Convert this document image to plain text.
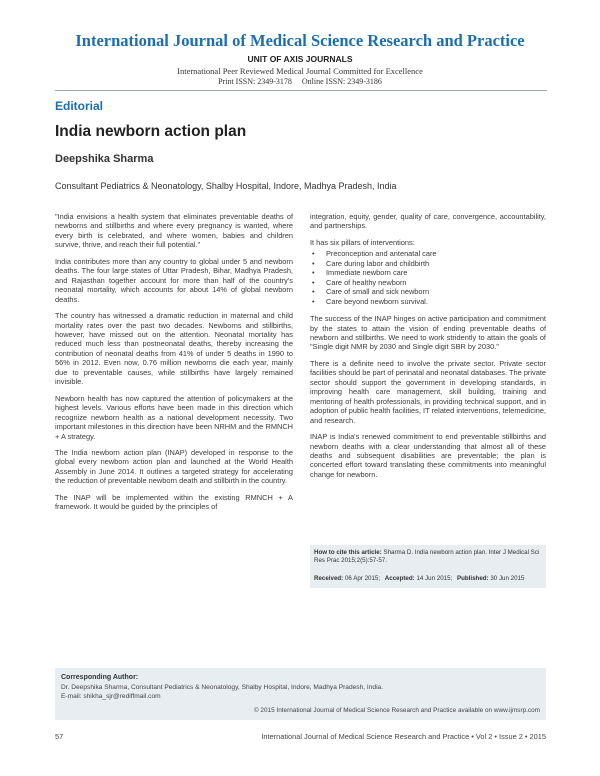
International Journal of Medical Science Research and Practice
UNIT OF AXIS JOURNALS
International Peer Reviewed Medical Journal Committed for Excellence
Print ISSN: 2349-3178 Online ISSN: 2349-3186
Editorial
India newborn action plan
Deepshika Sharma
Consultant Pediatrics & Neonatology, Shalby Hospital, Indore, Madhya Pradesh, India

"India envisions a health system that eliminates preventable deaths of newborns and stillbirths and where every pregnancy is wanted, where every birth is celebrated, and where women, babies and children survive, thrive, and reach their full potential."

India contributes more than any country to global under 5 and newborn deaths. The four large states of Uttar Pradesh, Bihar, Madhya Pradesh, and Rajasthan together account for more than half of the country's neonatal mortality, which accounts for about 14% of global newborn deaths.

The country has witnessed a dramatic reduction in maternal and child mortality rates over the past two decades. Newborns and stillbirths, however, have missed out on the attention. Neonatal mortality has reduced much less than postneonatal deaths, thereby increasing the contribution of neonatal deaths from 41% of under 5 deaths in 1990 to 56% in 2012. Even now, 0.76 million newborns die each year, mainly due to preventable causes, while stillbirths have largely remained invisible.

Newborn health has now captured the attention of policymakers at the highest levels. Various efforts have been made in this direction which recognize newborn health as a national development necessity. Two important milestones in this direction have been NRHM and the RMNCH + A strategy.

The India newborn action plan (INAP) developed in response to the global every newborn action plan and launched at the World Health Assembly in June 2014. It outlines a targeted strategy for accelerating the reduction of preventable newborn death and stillbirth in the country.

The INAP will be implemented within the existing RMNCH + A framework. It would be guided by the principles of

integration, equity, gender, quality of care, convergence, accountability, and partnerships.

It has six pillars of interventions:

• Preconception and antenatal care
• Care during labor and childbirth
• Immediate newborn care
• Care of healthy newborn
• Care of small and sick newborn
• Care beyond newborn survival.

The success of the INAP hinges on active participation and commitment by the states to attain the vision of ending preventable deaths of newborn and stillbirths. We need to work stridently to attain the goals of "Single digit NMR by 2030 and Single digit SBR by 2030."

There is a definite need to involve the private sector. Private sector facilities should be part of perinatal and neonatal databases. The private sector should support the government in developing standards, in improving health care management, skill building, training and mentoring of health professionals, in providing technical support, and in adoption of public health facilities, IT related interventions, telemedicine, and research.

INAP is India's renewed commitment to end preventable stillbirths and newborn deaths with a clear understanding that almost all of these deaths and subsequent disabilities are preventable; the plan is concerted effort toward translating these commitments into meaningful change for newborn.

How to cite this article: Sharma D. India newborn action plan. Inter J Medical Sci Res Prac 2015;2(5):57-57.
Received: 06 Apr 2015; Accepted: 14 Jun 2015; Published: 30 Jun 2015
Corresponding Author:
Dr. Deepshika Sharma, Consultant Pediatrics & Neonatology, Shalby Hospital, Indore, Madhya Pradesh, India.
E-mail: shikha_sjr@rediffmail.com
© 2015 International Journal of Medical Science Research and Practice available on www.ijmsrp.com
57	International Journal of Medical Science Research and Practice • Vol 2 • Issue 2 • 2015
